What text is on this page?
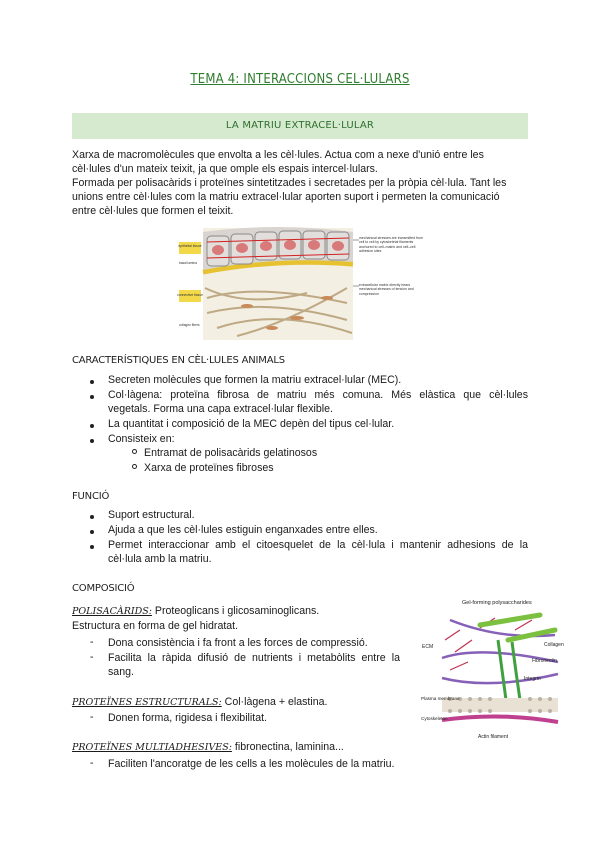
TEMA 4: INTERACCIONS CEL·LULARS
LA MATRIU EXTRACEL·LULAR
Xarxa de macromolècules que envolta a les cèl·lules. Actua com a nexe d'unió entre les
cèl·lules d'un mateix teixit, ja que omple els espais intercel·lulars.
Formada per polisacàrids i proteïnes sintetitzades i secretades per la pròpia cèl·lula. Tant les
unions entre cèl·lules com la matriu extracel·lular aporten suport i permeten la comunicació
entre cèl·lules que formen el teixit.
epithelial tissue
basal lamina
connective tissue
collagen fibers
mechanical stresses are transmitted from cell to cell by cytoskeletal filaments anchored to cell–matrix and cell–cell adhesion sites
extracellular matrix directly bears mechanical stresses of tension and compression
CARACTERÍSTIQUES EN CÈL·LULES ANIMALS
Secreten molècules que formen la matriu extracel·lular (MEC).
Col·làgena: proteïna fibrosa de matriu més comuna. Més elàstica que cèl·lules
vegetals. Forma una capa extracel·lular flexible.
La quantitat i composició de la MEC depèn del tipus cel·lular.
Consisteix en:
Entramat de polisacàrids gelatinosos
Xarxa de proteïnes fibroses
FUNCIÓ
Suport estructural.
Ajuda a que les cèl·lules estiguin enganxades entre elles.
Permet interaccionar amb el citoesquelet de la cèl·lula i mantenir adhesions de la
cèl·lula amb la matriu.
COMPOSICIÓ
POLISACÀRIDS: Proteoglicans i glicosaminoglicans.
Estructura en forma de gel hidratat.
- Dona consistència i fa front a les forces de compressió.
- Facilita la ràpida difusió de nutrients i metabòlits entre la
sang.
PROTEÏNES ESTRUCTURALS: Col·làgena + elastina.
- Donen forma, rigidesa i flexibilitat.
PROTEÏNES MULTIADHESIVES: fibronectina, laminina...
- Faciliten l'ancoratge de les cells a les molècules de la matriu.
Gel-forming polysaccharides
Collagen
ECM
Fibronectin
Integrin
Plasma membrane
Cytoskeleton
Actin filament
